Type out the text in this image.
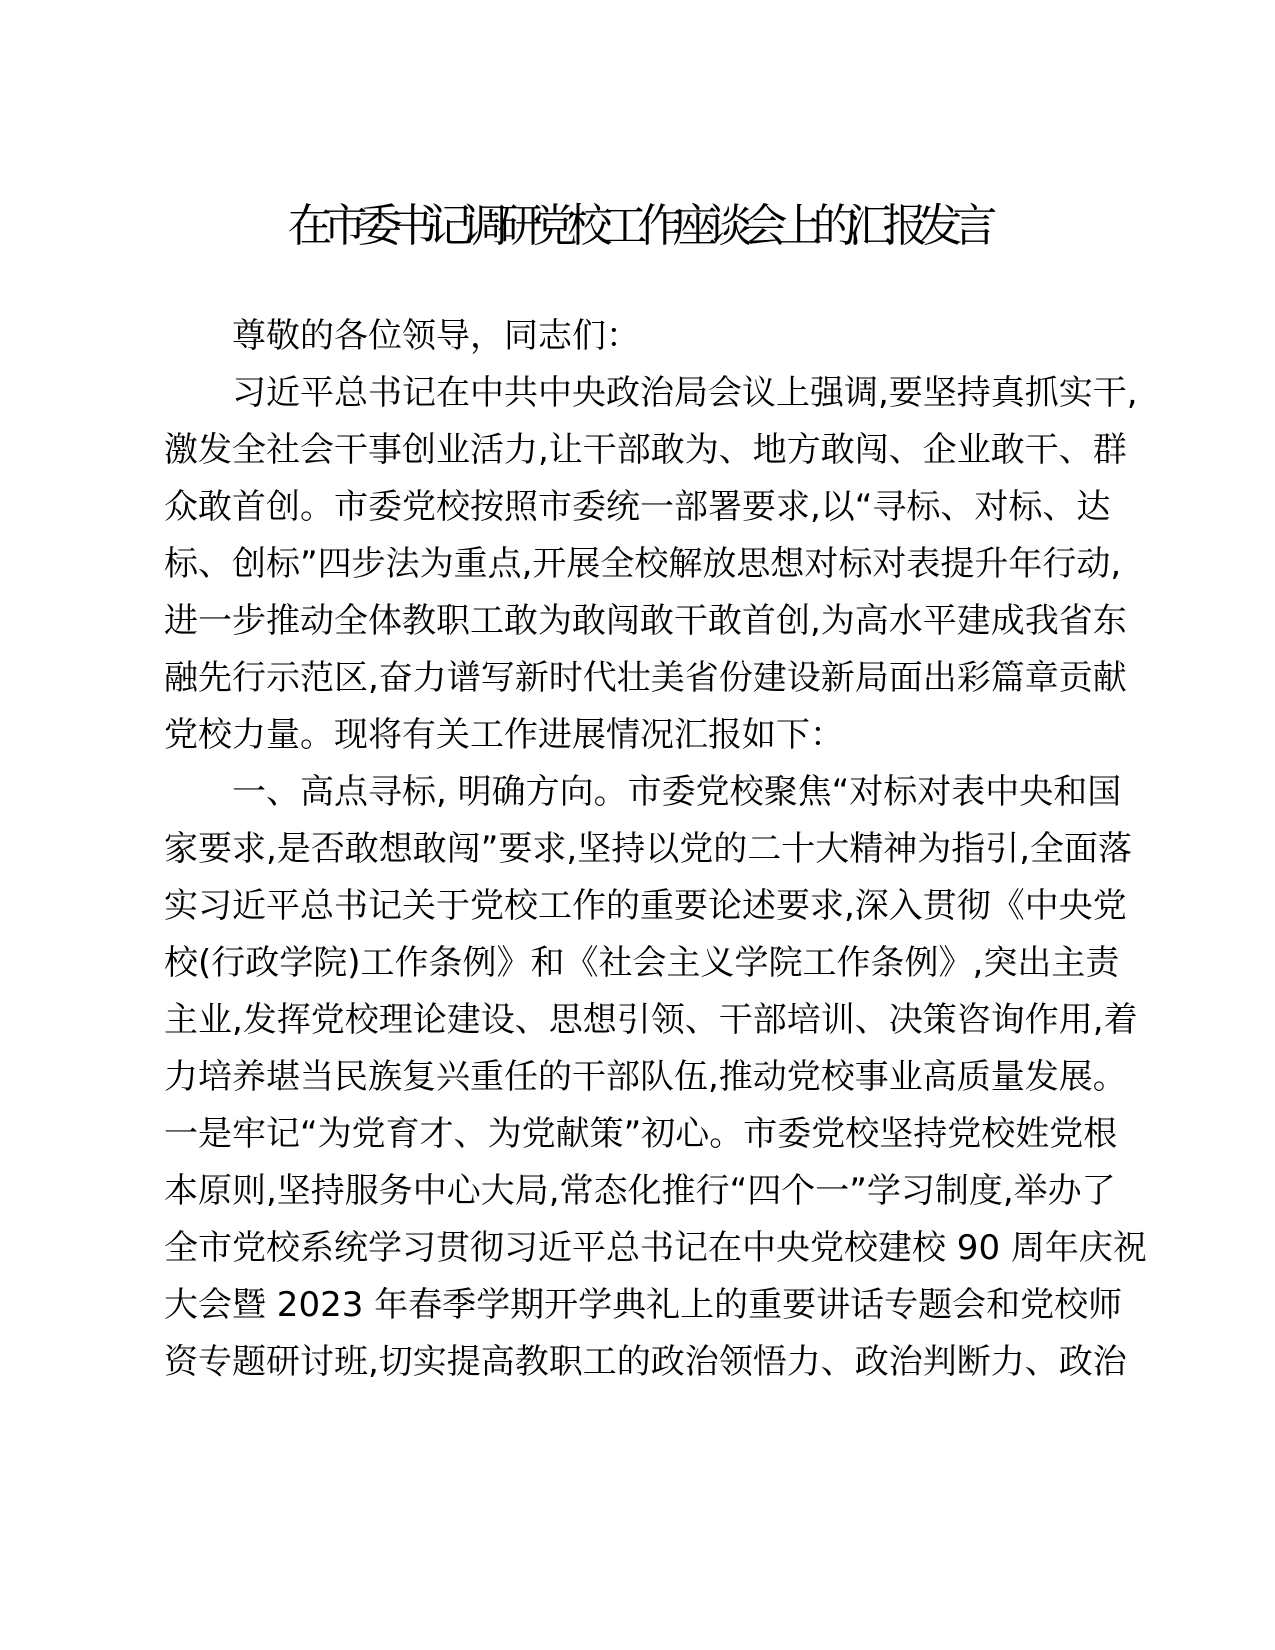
在市委书记调研党校工作座谈会上的汇报发言
尊敬的各位领导，同志们：
习近平总书记在中共中央政治局会议上强调,要坚持真抓实干,
激发全社会干事创业活力,让干部敢为、地方敢闯、企业敢干、群
众敢首创。市委党校按照市委统一部署要求,以“寻标、对标、达
标、创标”四步法为重点,开展全校解放思想对标对表提升年行动,
进一步推动全体教职工敢为敢闯敢干敢首创,为高水平建成我省东
融先行示范区,奋力谱写新时代壮美省份建设新局面出彩篇章贡献
党校力量。现将有关工作进展情况汇报如下：
一、高点寻标, 明确方向。市委党校聚焦“对标对表中央和国
家要求,是否敢想敢闯”要求,坚持以党的二十大精神为指引,全面落
实习近平总书记关于党校工作的重要论述要求,深入贯彻《中央党
校(行政学院)工作条例》和《社会主义学院工作条例》,突出主责
主业,发挥党校理论建设、思想引领、干部培训、决策咨询作用,着
力培养堪当民族复兴重任的干部队伍,推动党校事业高质量发展。
一是牢记“为党育才、为党献策”初心。市委党校坚持党校姓党根
本原则,坚持服务中心大局,常态化推行“四个一”学习制度,举办了
全市党校系统学习贯彻习近平总书记在中央党校建校 90 周年庆祝
大会暨 2023 年春季学期开学典礼上的重要讲话专题会和党校师
资专题研讨班,切实提高教职工的政治领悟力、政治判断力、政治
